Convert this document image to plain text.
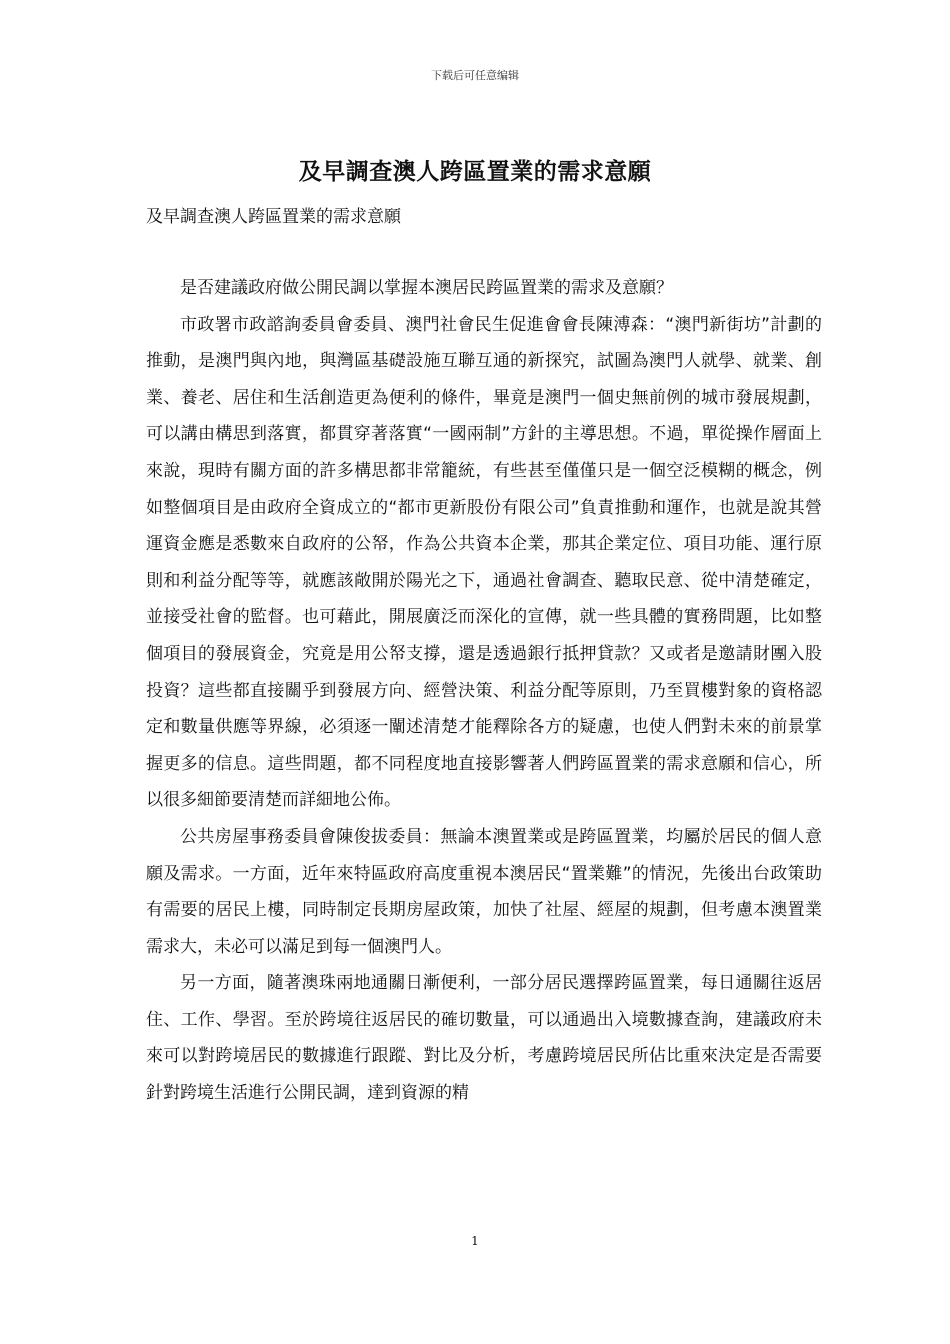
下载后可任意编辑
及早調查澳人跨區置業的需求意願
及早調查澳人跨區置業的需求意願

是否建議政府做公開民調以掌握本澳居民跨區置業的需求及意願？

市政署市政諮詢委員會委員、澳門社會民生促進會會長陳溥森：“澳門新街坊”計劃的推動，是澳門與內地，與灣區基礎設施互聯互通的新探究，試圖為澳門人就學、就業、創業、養老、居住和生活創造更為便利的條件，畢竟是澳門一個史無前例的城市發展規劃，可以講由構思到落實，都貫穿著落實“一國兩制”方針的主導思想。不過，單從操作層面上來說，現時有關方面的許多構思都非常籠統，有些甚至僅僅只是一個空泛模糊的概念，例如整個項目是由政府全資成立的“都市更新股份有限公司”負責推動和運作，也就是說其營運資金應是悉數來自政府的公帑，作為公共資本企業，那其企業定位、項目功能、運行原則和利益分配等等，就應該敞開於陽光之下，通過社會調查、聽取民意、從中清楚確定，並接受社會的監督。也可藉此，開展廣泛而深化的宣傳，就一些具體的實務問題，比如整個項目的發展資金，究竟是用公帑支撐，還是透過銀行抵押貸款？又或者是邀請財團入股投資？這些都直接關乎到發展方向、經營決策、利益分配等原則，乃至買樓對象的資格認定和數量供應等界線，必須逐一闡述清楚才能釋除各方的疑慮，也使人們對未來的前景掌握更多的信息。這些問題，都不同程度地直接影響著人們跨區置業的需求意願和信心，所以很多細節要清楚而詳細地公佈。

公共房屋事務委員會陳俊拔委員：無論本澳置業或是跨區置業，均屬於居民的個人意願及需求。一方面，近年來特區政府高度重視本澳居民“置業難”的情況，先後出台政策助有需要的居民上樓，同時制定長期房屋政策，加快了社屋、經屋的規劃，但考慮本澳置業需求大，未必可以滿足到每一個澳門人。

另一方面，隨著澳珠兩地通關日漸便利，一部分居民選擇跨區置業，每日通關往返居住、工作、學習。至於跨境往返居民的確切數量，可以通過出入境數據查詢，建議政府未來可以對跨境居民的數據進行跟蹤、對比及分析，考慮跨境居民所佔比重來決定是否需要針對跨境生活進行公開民調，達到資源的精

1
